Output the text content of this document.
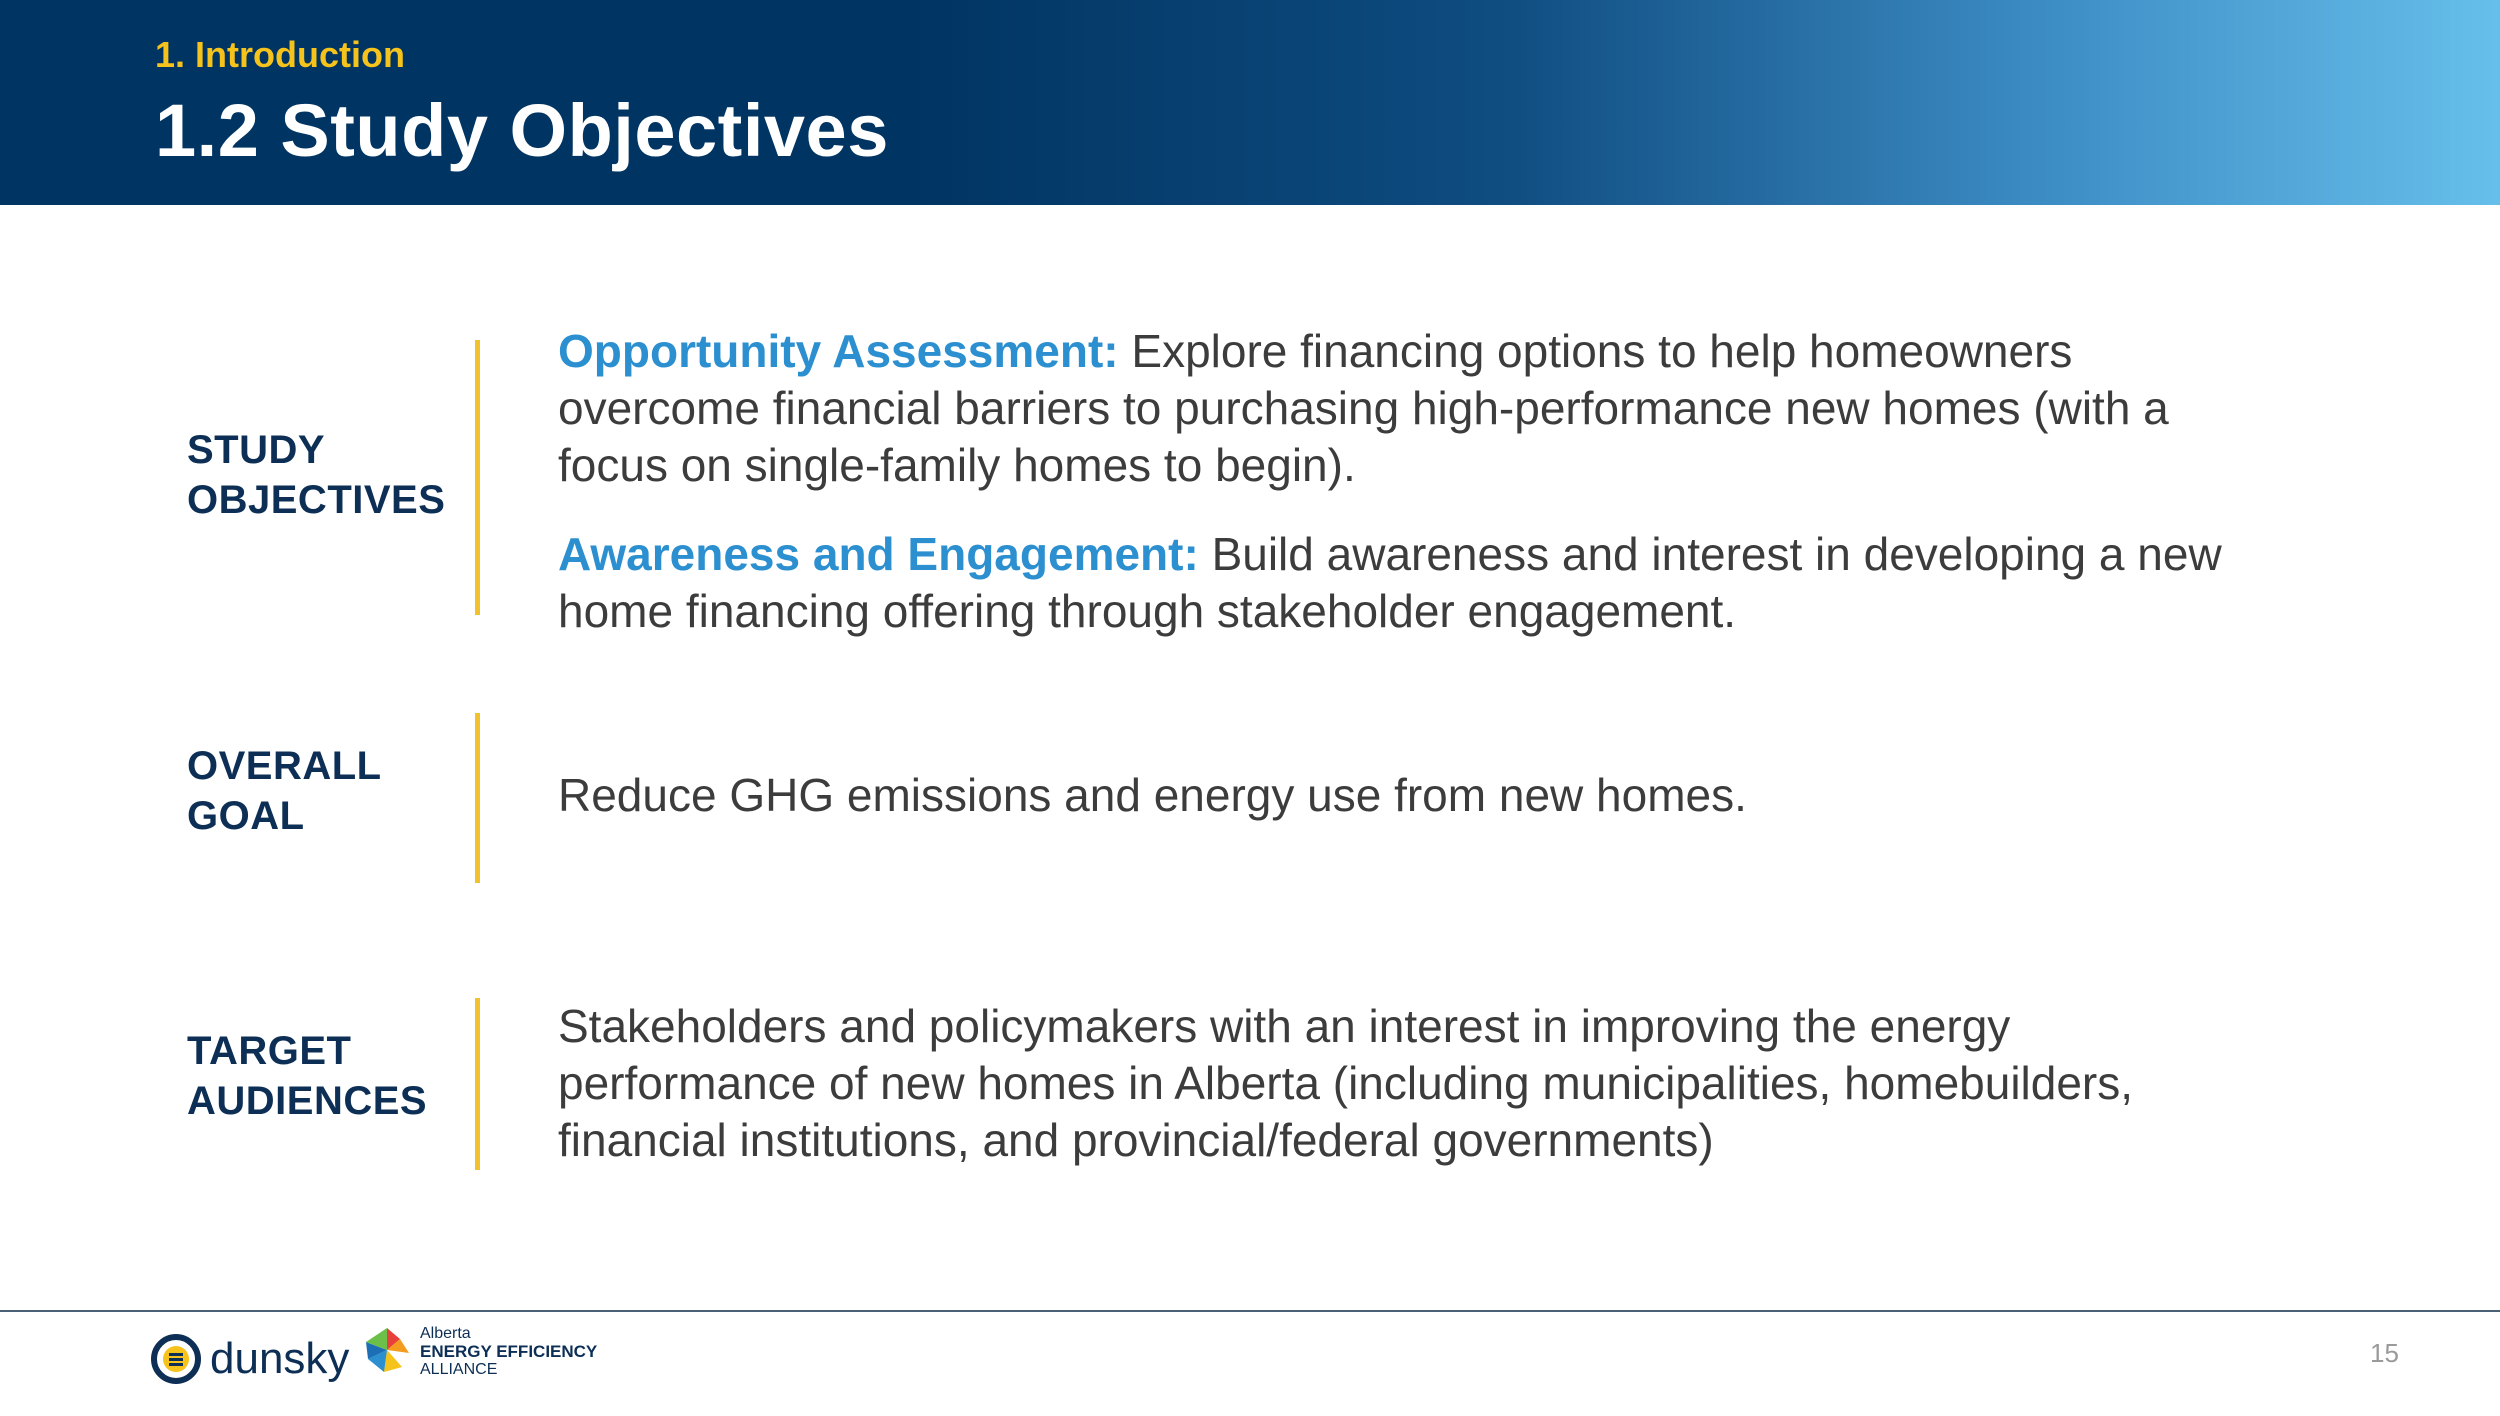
1. Introduction
1.2 Study Objectives
STUDY
OBJECTIVES

Opportunity Assessment: Explore financing options to help homeowners overcome financial barriers to purchasing high-performance new homes (with a focus on single-family homes to begin).

Awareness and Engagement: Build awareness and interest in developing a new home financing offering through stakeholder engagement.

OVERALL
GOAL	Reduce GHG emissions and energy use from new homes.
TARGET
AUDIENCES
Stakeholders and policymakers with an interest in improving the energy performance of new homes in Alberta (including municipalities, homebuilders, financial institutions, and provincial/federal governments)
dunsky
Alberta
ENERGY EFFICIENCY
ALLIANCE
15
